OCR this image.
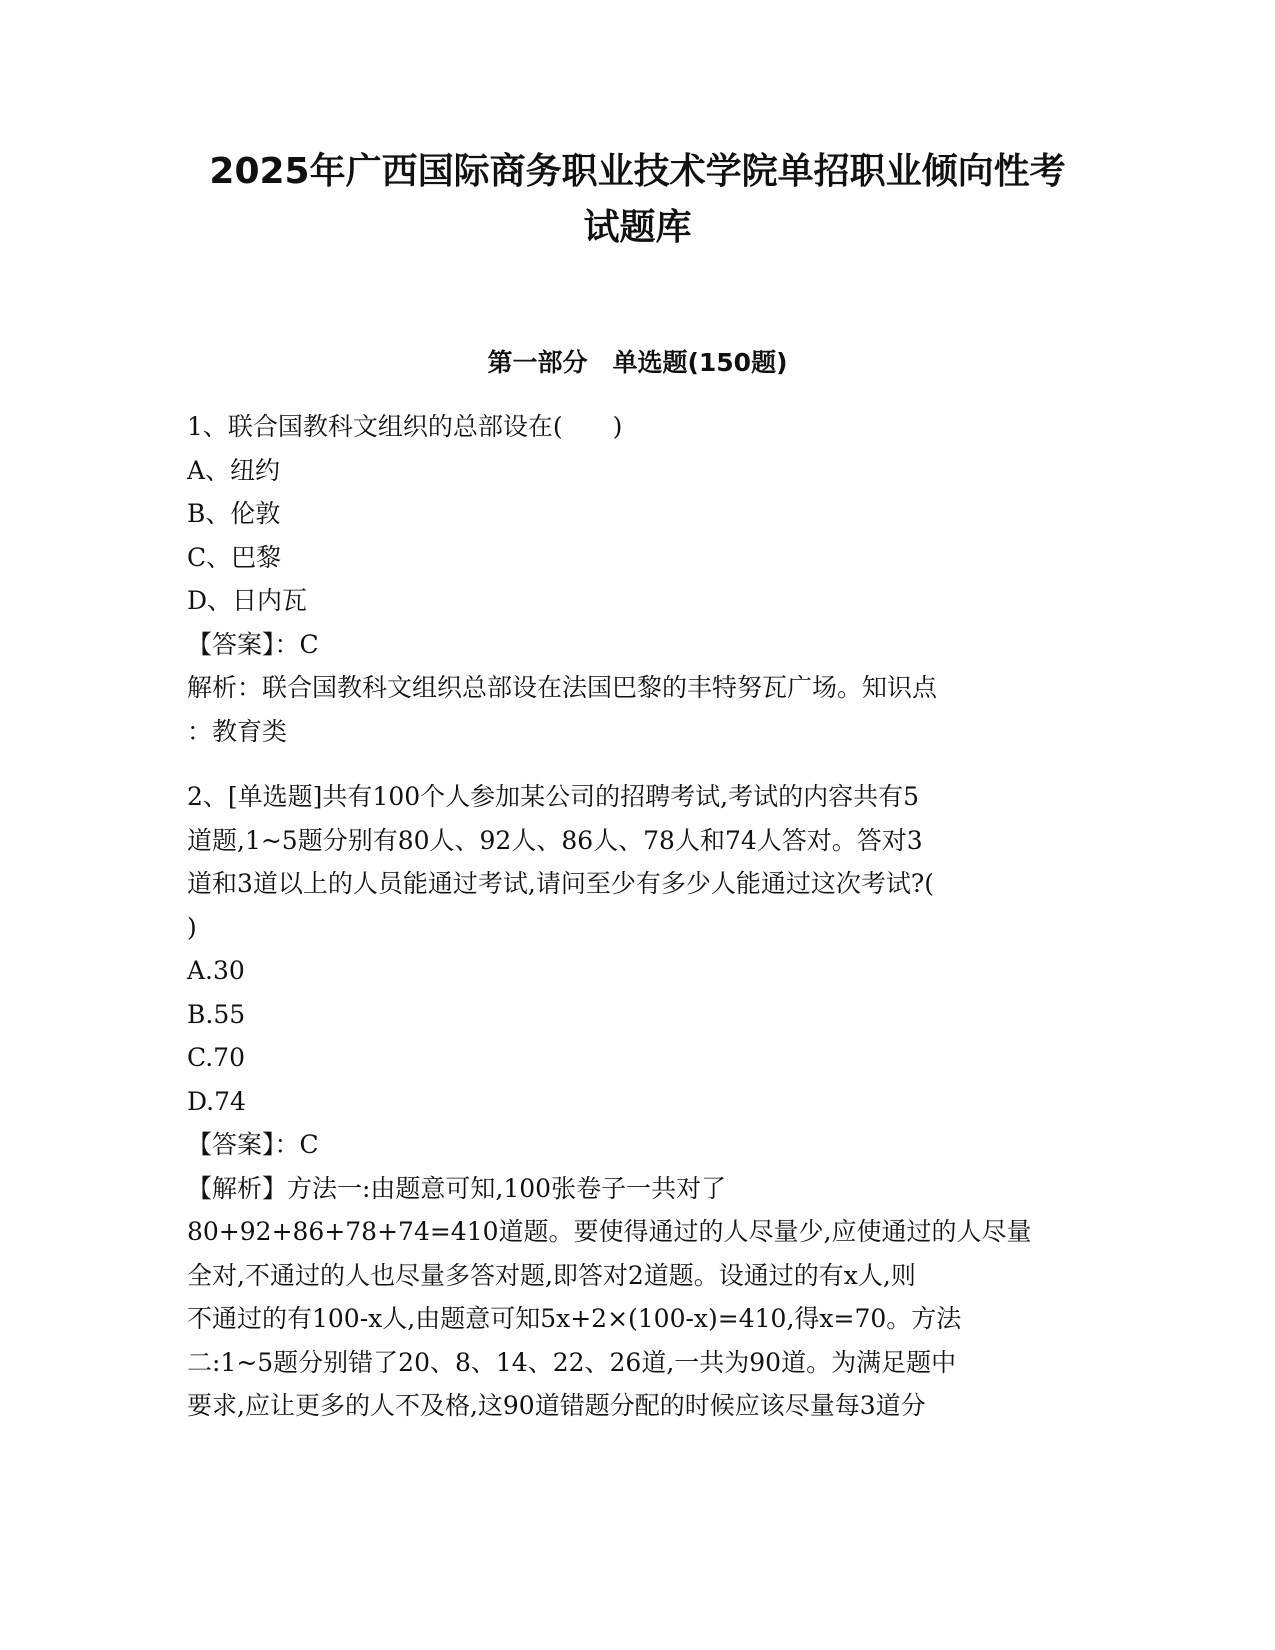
2025年广西国际商务职业技术学院单招职业倾向性考
试题库
第一部分　单选题(150题)
1、联合国教科文组织的总部设在(　　)
A、纽约
B、伦敦
C、巴黎
D、日内瓦
【答案】：C
解析：联合国教科文组织总部设在法国巴黎的丰特努瓦广场。知识点
：教育类
2、[单选题]共有100个人参加某公司的招聘考试,考试的内容共有5
道题,1~5题分别有80人、92人、86人、78人和74人答对。答对3
道和3道以上的人员能通过考试,请问至少有多少人能通过这次考试?(
)
A.30
B.55
C.70
D.74
【答案】：C
【解析】方法一:由题意可知,100张卷子一共对了
80+92+86+78+74=410道题。要使得通过的人尽量少,应使通过的人尽量
全对,不通过的人也尽量多答对题,即答对2道题。设通过的有x人,则
不通过的有100-x人,由题意可知5x+2×(100-x)=410,得x=70。方法
二:1~5题分别错了20、8、14、22、26道,一共为90道。为满足题中
要求,应让更多的人不及格,这90道错题分配的时候应该尽量每3道分
